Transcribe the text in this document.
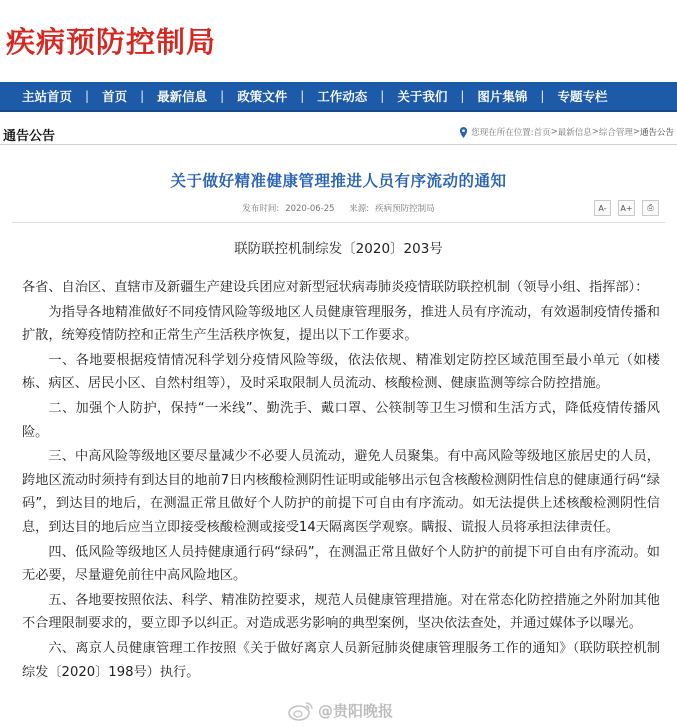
疾病预防控制局
主站首页 | 首页 | 最新信息 | 政策文件 | 工作动态 | 关于我们 | 图片集锦 | 专题专栏
通告公告	您现在所在位置: 首页 > 最新信息 > 综合管理 > 通告公告
关于做好精准健康管理推进人员有序流动的通知
发布时间: 2020-06-25 来源: 疾病预防控制局	A-	A+	⎙
联防联控机制综发〔2020〕203号

各省、自治区、直辖市及新疆生产建设兵团应对新型冠状病毒肺炎疫情联防联控机制（领导小组、指挥部）：

为指导各地精准做好不同疫情风险等级地区人员健康管理服务，推进人员有序流动，有效遏制疫情传播和扩散，统筹疫情防控和正常生产生活秩序恢复，提出以下工作要求。

一、各地要根据疫情情况科学划分疫情风险等级，依法依规、精准划定防控区域范围至最小单元（如楼栋、病区、居民小区、自然村组等），及时采取限制人员流动、核酸检测、健康监测等综合防控措施。

二、加强个人防护，保持“一米线”、勤洗手、戴口罩、公筷制等卫生习惯和生活方式，降低疫情传播风险。

三、中高风险等级地区要尽量减少不必要人员流动，避免人员聚集。有中高风险等级地区旅居史的人员，跨地区流动时须持有到达目的地前7日内核酸检测阴性证明或能够出示包含核酸检测阴性信息的健康通行码“绿码”，到达目的地后，在测温正常且做好个人防护的前提下可自由有序流动。如无法提供上述核酸检测阴性信息，到达目的地后应当立即接受核酸检测或接受14天隔离医学观察。瞒报、谎报人员将承担法律责任。

四、低风险等级地区人员持健康通行码“绿码”，在测温正常且做好个人防护的前提下可自由有序流动。如无必要，尽量避免前往中高风险地区。

五、各地要按照依法、科学、精准防控要求，规范人员健康管理措施。对在常态化防控措施之外附加其他不合理限制要求的，要立即予以纠正。对造成恶劣影响的典型案例，坚决依法查处，并通过媒体予以曝光。

六、离京人员健康管理工作按照《关于做好离京人员新冠肺炎健康管理服务工作的通知》（联防联控机制综发〔2020〕198号）执行。

@贵阳晚报
